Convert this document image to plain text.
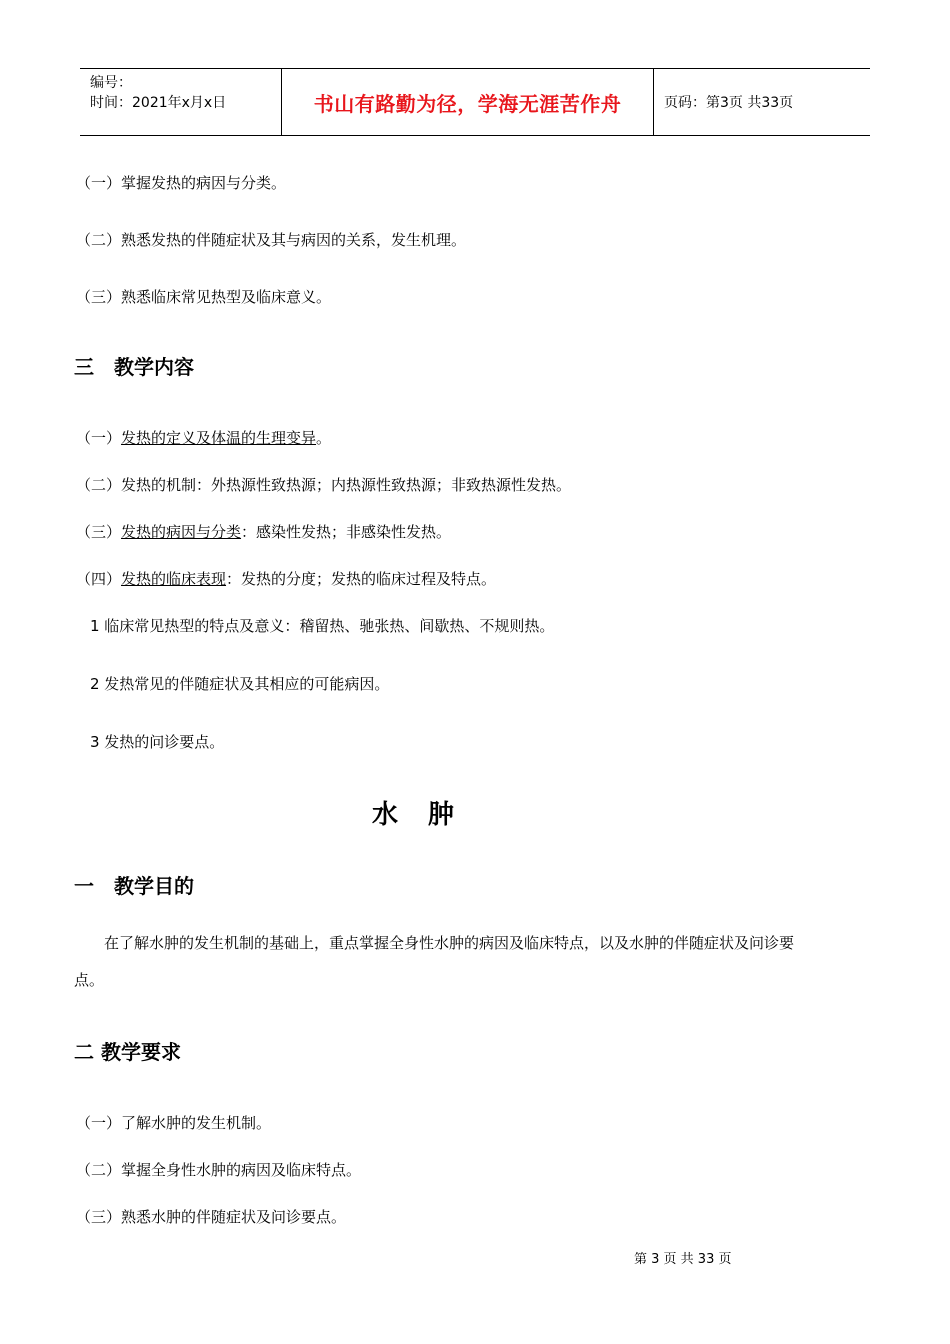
编号：
时间：2021年x月x日	书山有路勤为径，学海无涯苦作舟	页码：第3页 共33页
（一）掌握发热的病因与分类。
（二）熟悉发热的伴随症状及其与病因的关系，发生机理。
（三）熟悉临床常见热型及临床意义。
三　教学内容
（一）发热的定义及体温的生理变异。
（二）发热的机制：外热源性致热源；内热源性致热源；非致热源性发热。
（三）发热的病因与分类：感染性发热；非感染性发热。
（四）发热的临床表现：发热的分度；发热的临床过程及特点。
1 临床常见热型的特点及意义：稽留热、驰张热、间歇热、不规则热。
2 发热常见的伴随症状及其相应的可能病因。
3 发热的问诊要点。
水　肿
一　教学目的
在了解水肿的发生机制的基础上，重点掌握全身性水肿的病因及临床特点，以及水肿的伴随症状及问诊要
点。
二 教学要求
（一）了解水肿的发生机制。
（二）掌握全身性水肿的病因及临床特点。
（三）熟悉水肿的伴随症状及问诊要点。
第 3 页 共 33 页
